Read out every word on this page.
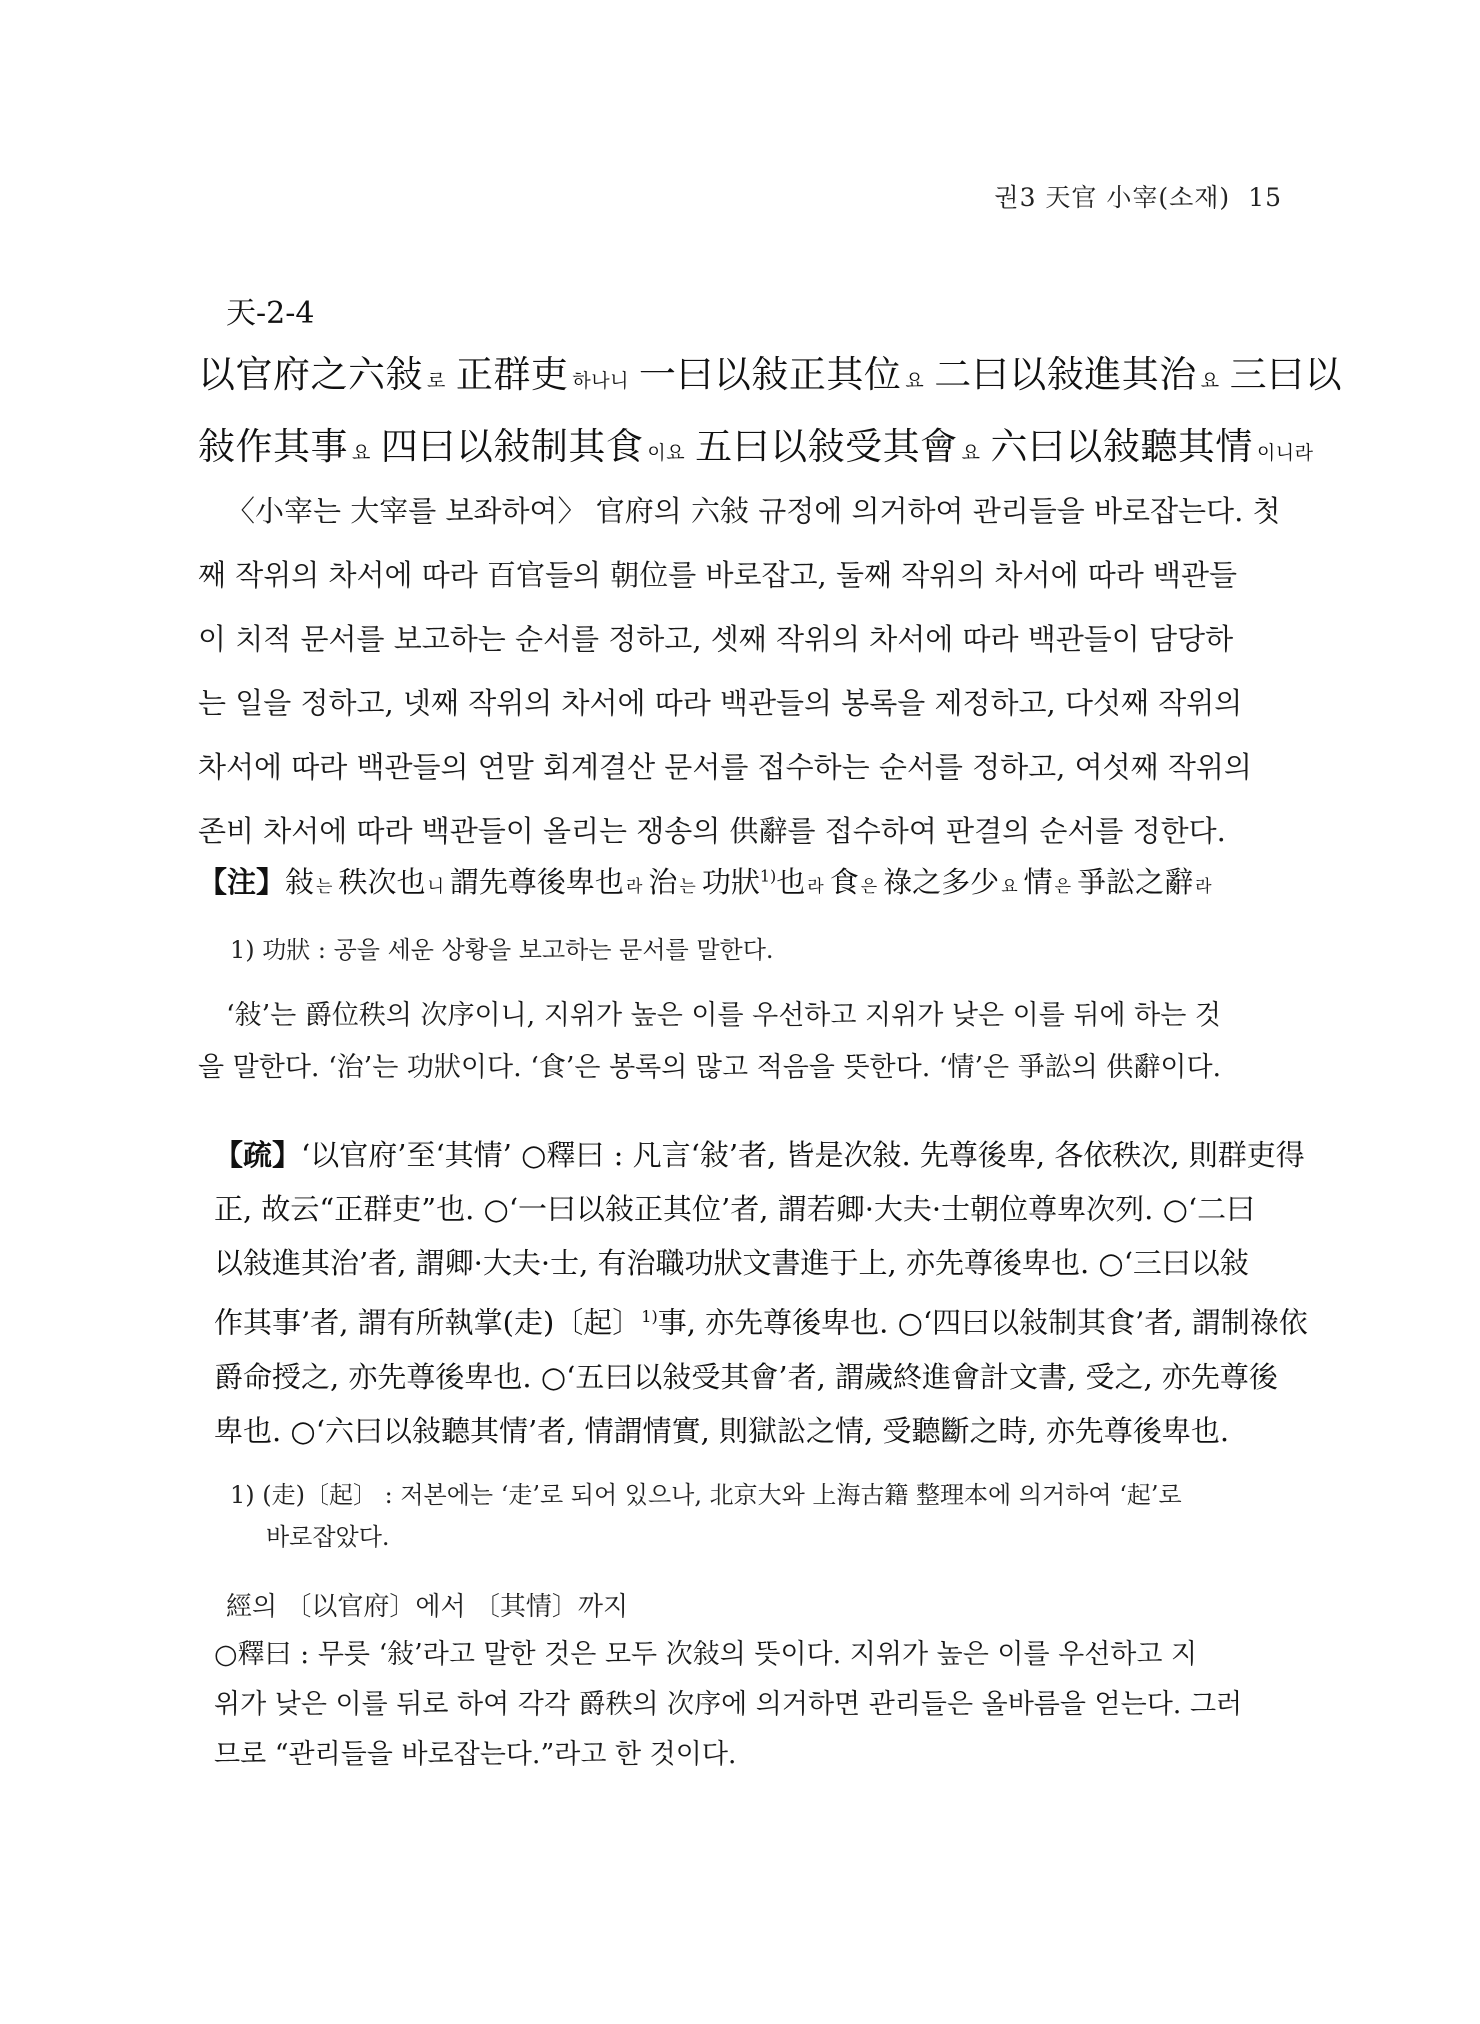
권3 天官 小宰(소재) 15
天-2-4

以官府之六敍 로 正群吏 하나니 一曰以敍正其位 요 二曰以敍進其治 요 三曰以

敍作其事 요 四曰以敍制其食 이요 五曰以敍受其會 요 六曰以敍聽其情 이니라

〈小宰는 大宰를 보좌하여〉 官府의 六敍 규정에 의거하여 관리들을 바로잡는다. 첫

째 작위의 차서에 따라 百官들의 朝位를 바로잡고, 둘째 작위의 차서에 따라 백관들

이 치적 문서를 보고하는 순서를 정하고, 셋째 작위의 차서에 따라 백관들이 담당하

는 일을 정하고, 넷째 작위의 차서에 따라 백관들의 봉록을 제정하고, 다섯째 작위의

차서에 따라 백관들의 연말 회계결산 문서를 접수하는 순서를 정하고, 여섯째 작위의

존비 차서에 따라 백관들이 올리는 쟁송의 供辭를 접수하여 판결의 순서를 정한다.

【注】敍 는 秩次也 니 謂先尊後卑也 라 治 는 功狀$^{1)}$也 라 食 은 祿之多少 요 情 은 爭訟之辭 라
1) 功狀 : 공을 세운 상황을 보고하는 문서를 말한다.

‘敍’는 爵位秩의 次序이니, 지위가 높은 이를 우선하고 지위가 낮은 이를 뒤에 하는 것

을 말한다. ‘治’는 功狀이다. ‘食’은 봉록의 많고 적음을 뜻한다. ‘情’은 爭訟의 供辭이다.

【疏】‘以官府’至‘其情’ ○釋曰 : 凡言‘敍’者, 皆是次敍. 先尊後卑, 各依秩次, 則群吏得

正, 故云“正群吏”也. ○‘一曰以敍正其位’者, 謂若卿·大夫·士朝位尊卑次列. ○‘二曰

以敍進其治’者, 謂卿·大夫·士, 有治職功狀文書進于上, 亦先尊後卑也. ○‘三曰以敍

作其事’者, 謂有所執掌(走)〔起〕$^{1)}$事, 亦先尊後卑也. ○‘四曰以敍制其食’者, 謂制祿依

爵命授之, 亦先尊後卑也. ○‘五曰以敍受其會’者, 謂歲終進會計文書, 受之, 亦先尊後

卑也. ○‘六曰以敍聽其情’者, 情謂情實, 則獄訟之情, 受聽斷之時, 亦先尊後卑也.

1) (走)〔起〕 : 저본에는 ‘走’로 되어 있으나, 北京大와 上海古籍 整理本에 의거하여 ‘起’로

바로잡았다.

經의 〔以官府〕에서 〔其情〕까지

○釋曰 : 무릇 ‘敍’라고 말한 것은 모두 次敍의 뜻이다. 지위가 높은 이를 우선하고 지

위가 낮은 이를 뒤로 하여 각각 爵秩의 次序에 의거하면 관리들은 올바름을 얻는다. 그러

므로 “관리들을 바로잡는다.”라고 한 것이다.
